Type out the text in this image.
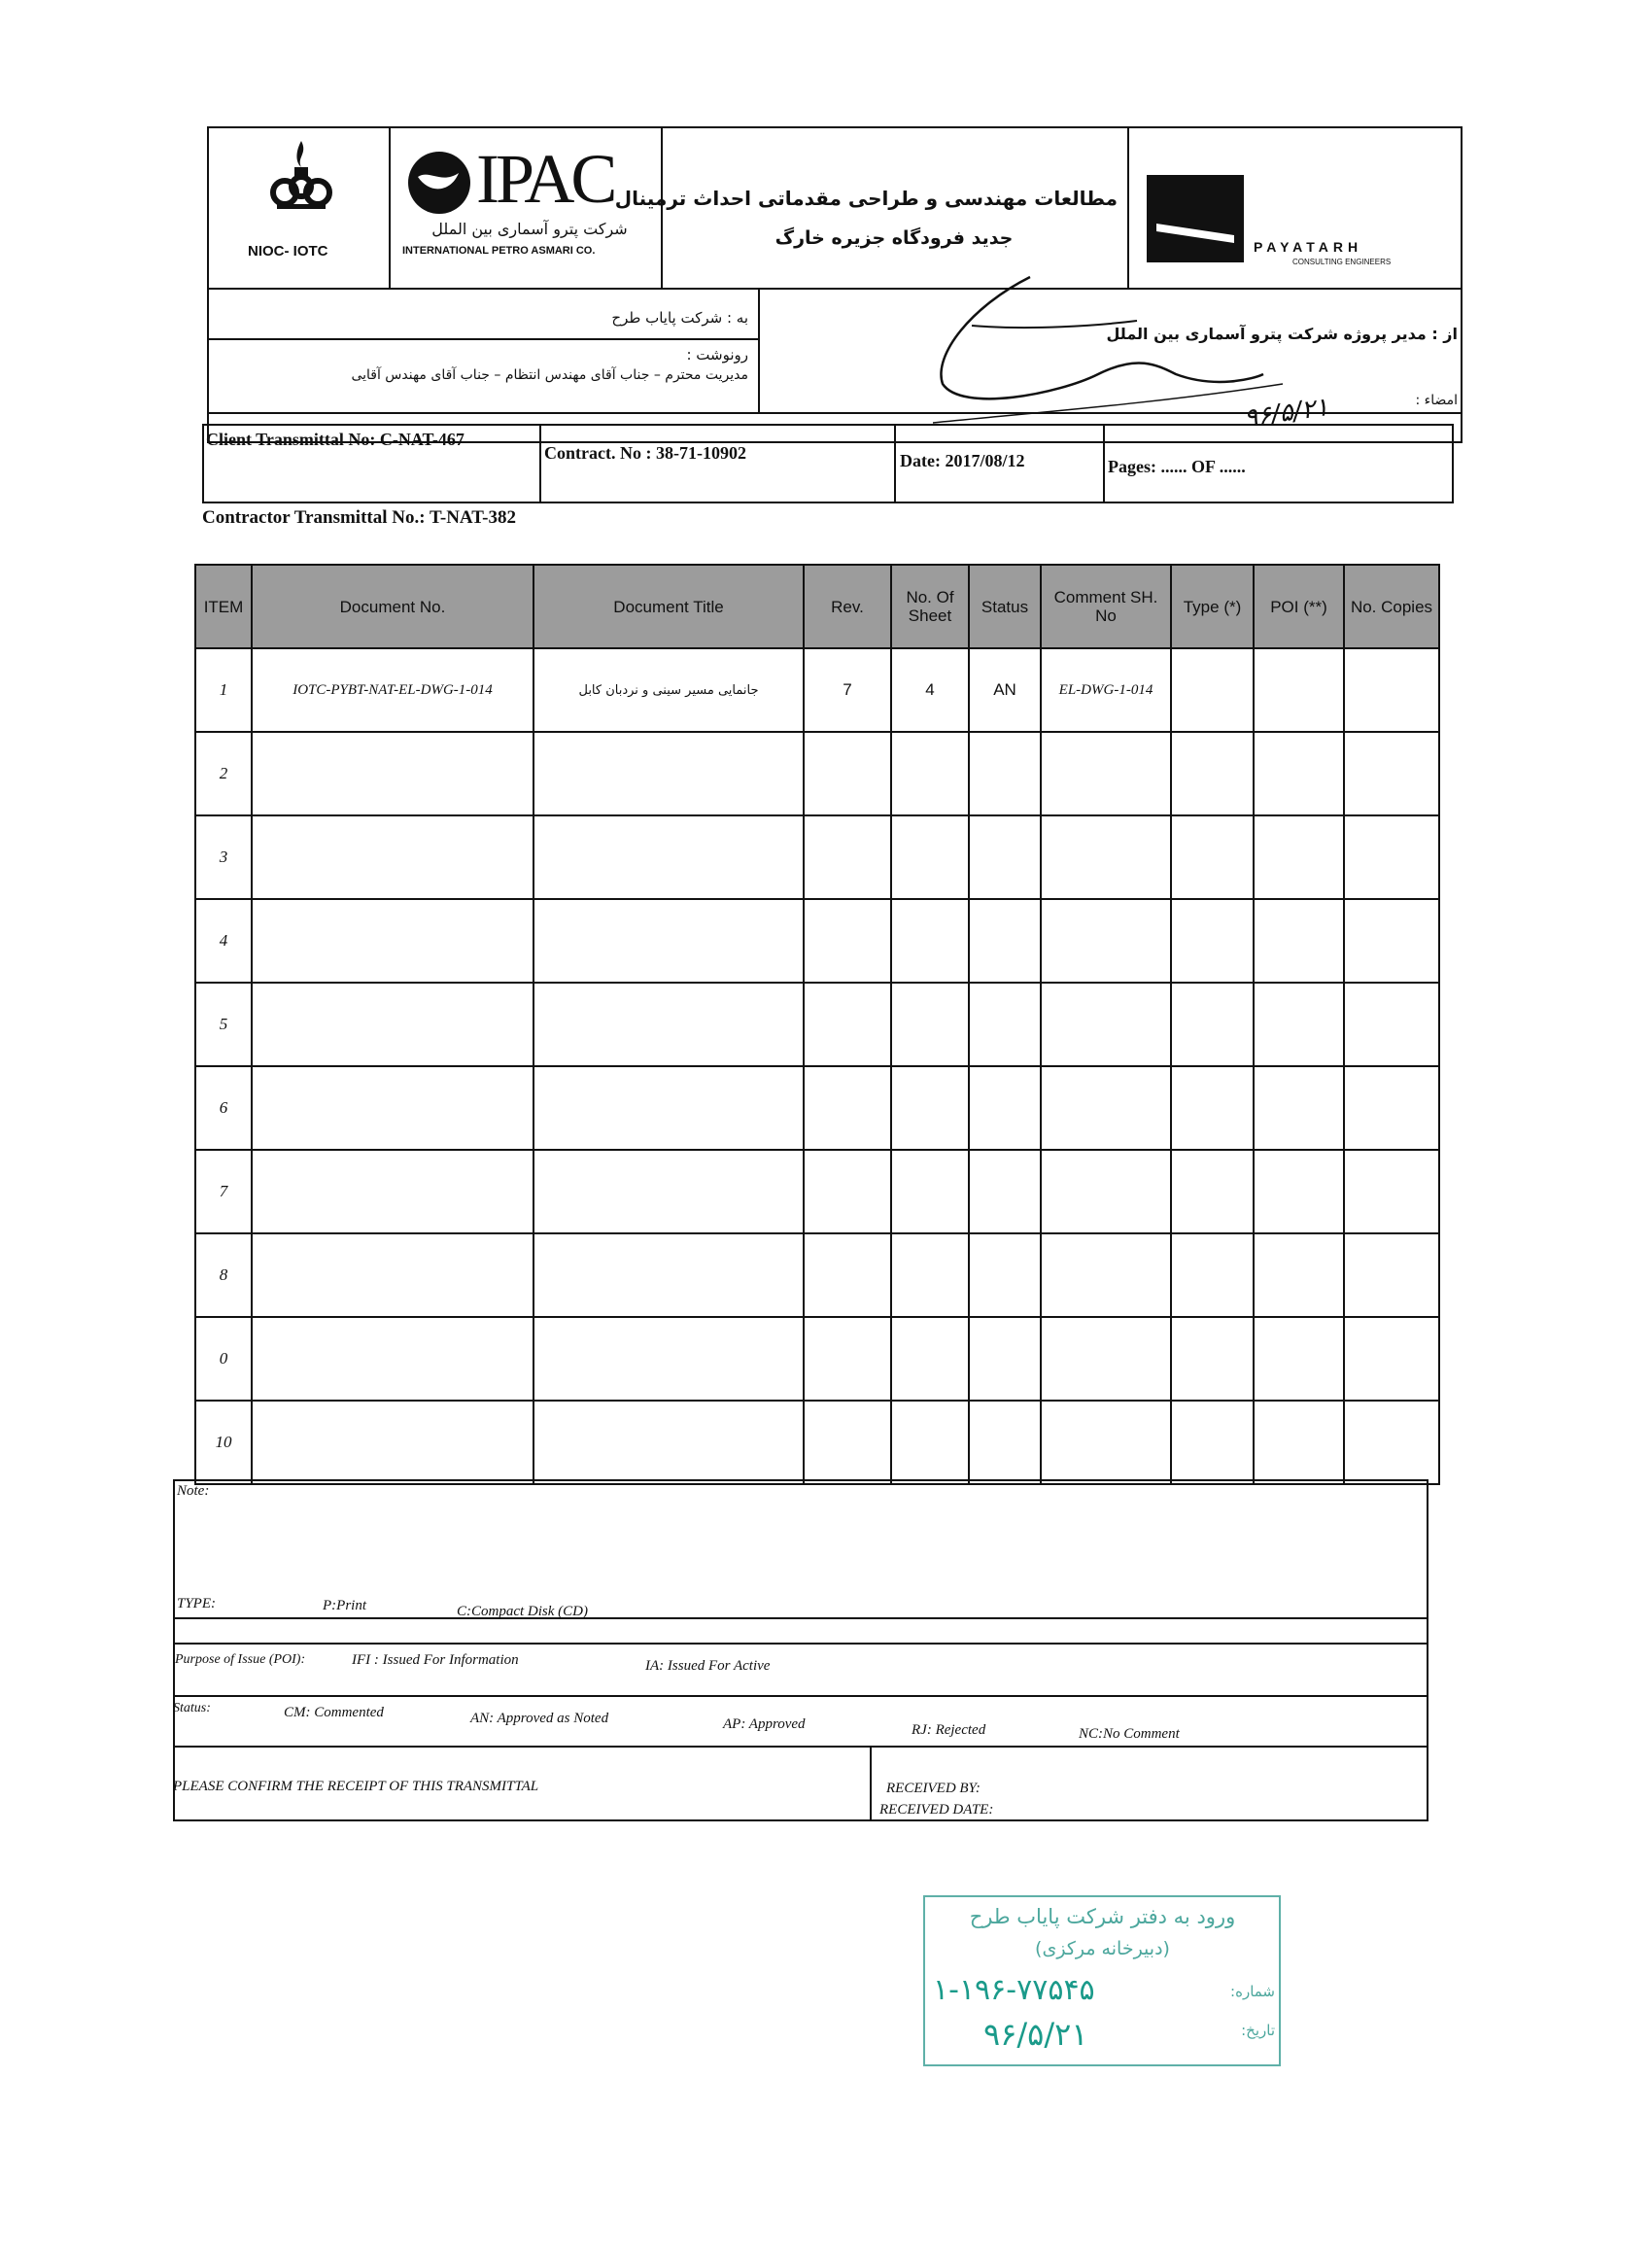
NIOC- IOTC
IPAC
شرکت پترو آسماری بین الملل
INTERNATIONAL PETRO ASMARI CO.
مطالعات مهندسی و طراحی مقدماتی احداث ترمینال
جدید فرودگاه جزیره خارگ	PAYATARH
CONSULTING ENGINEERS
به : شرکت پایاب طرح
رونوشت :
مدیریت محترم – جناب آقای مهندس انتظام – جناب آقای مهندس آقایی
از : مدیر پروژه شرکت پترو آسماری بین الملل
امضاء :
۹۶/۵/۲۱
Client Transmittal No: C-NAT-467
Contract. No : 38-71-10902	Date: 2017/08/12	Pages: ...... OF ......
Contractor Transmittal No.: T-NAT-382
ITEM	Document No.	Document Title	Rev.	No. Of Sheet	Status	Comment SH. No	Type (*)	POI (**)	No. Copies
1	IOTC-PYBT-NAT-EL-DWG-1-014	جانمایی مسیر سینی و نردبان کابل	7	4	AN	EL-DWG-1-014			
2									
3									
4									
5									
6									
7									
8									
0									
10									
Note:
TYPE:	P:Print	C:Compact Disk (CD)
Purpose of Issue (POI):	IFI : Issued For Information	IA: Issued For Active
Status:	CM: Commented	AN: Approved as Noted	AP: Approved	RJ: Rejected	NC:No Comment
PLEASE CONFIRM THE RECEIPT OF THIS TRANSMITTAL	RECEIVED BY:
RECEIVED DATE:
ورود به دفتر شرکت پایاب طرح
(دبیرخانه مرکزی)
شماره:
۱-۱۹۶-۷۷۵۴۵
تاریخ:
۹۶/۵/۲۱
